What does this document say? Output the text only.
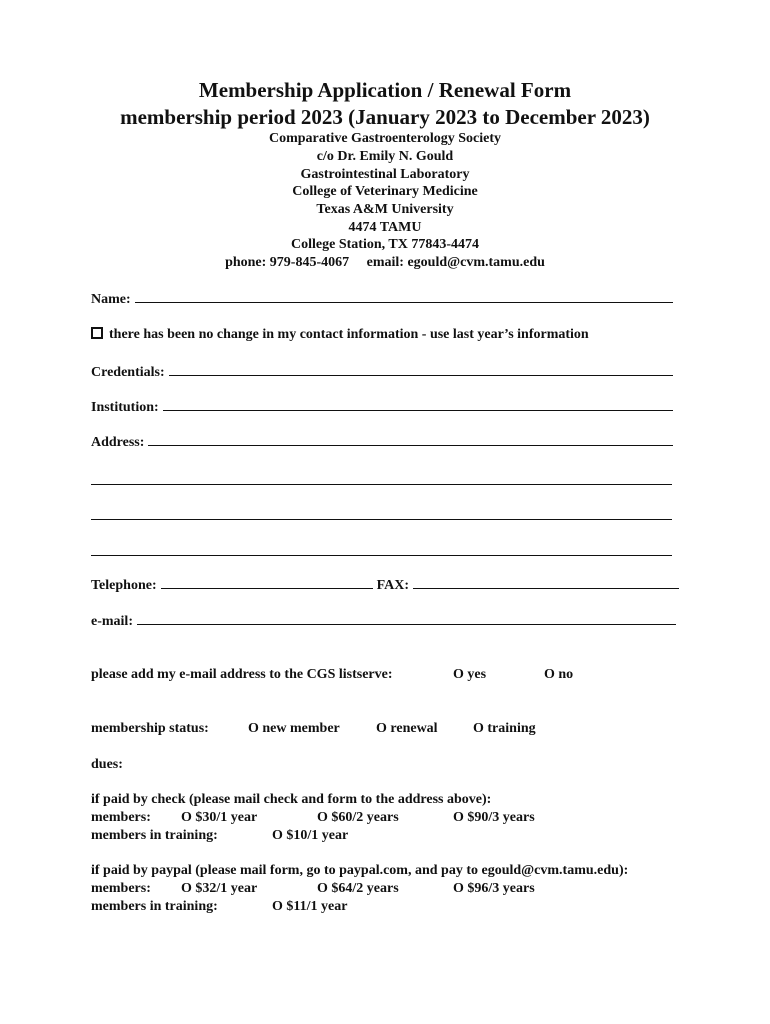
Membership Application / Renewal Form
membership period 2023 (January 2023 to December 2023)
Comparative Gastroenterology Society
c/o Dr. Emily N. Gould
Gastrointestinal Laboratory
College of Veterinary Medicine
Texas A&M University
4474 TAMU
College Station, TX 77843-4474
phone: 979-845-4067 email: egould@cvm.tamu.edu
Name:
there has been no change in my contact information - use last year’s information
Credentials:
Institution:
Address:
Telephone:	FAX:
e-mail:
please add my e-mail address to the CGS listserve:	O yes	O no
membership status:	O new member	O renewal	O training
dues:
if paid by check (please mail check and form to the address above):
members: O $30/1 year	O $60/2 years	O $90/3 years
members in training:	O $10/1 year
if paid by paypal (please mail form, go to paypal.com, and pay to egould@cvm.tamu.edu):
members: O $32/1 year	O $64/2 years	O $96/3 years
members in training:	O $11/1 year
